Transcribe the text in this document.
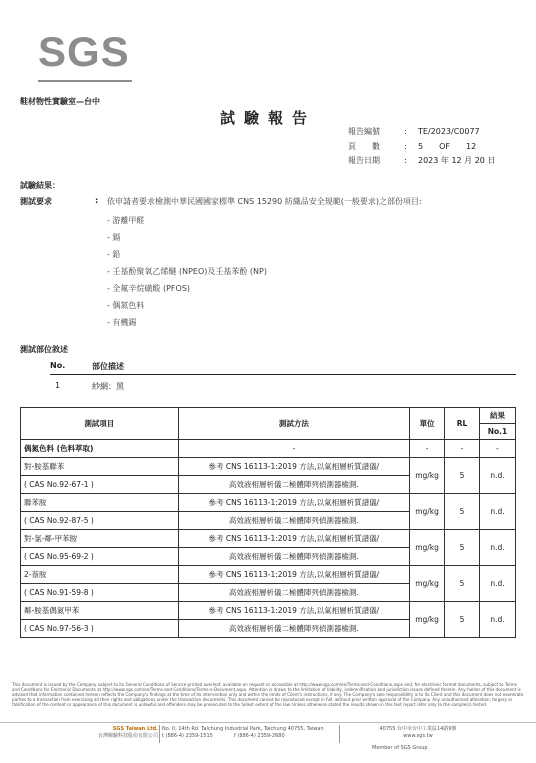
SGS
鞋材物性實驗室—台中
試驗報告
報告編號	:	TE/2023/C0077
頁　　數	:	5　　OF　　12
報告日期	:	2023 年 12 月 20 日
試驗結果：
測試要求	: 依申請者要求檢測中華民國國家標準 CNS 15290 紡織品安全規範(一般要求)之部份項目:
- 游離甲醛
- 鎘
- 鉛
- 壬基酚聚氧乙烯醚 (NPEO)及壬基苯酚 (NP)
- 全氟辛烷磺酸 (PFOS)
- 偶氮色料
- 有機錫
測試部位敘述
No.	部位描述
1	紗網：黑
測試項目	測試方法	單位	RL	結果
				No.1
偶氮色料 (色料萃取)	-	-	-	-
對-胺基聯苯	參考 CNS 16113-1:2019 方法,以氣相層析質譜儀/	mg/kg	5	n.d.
( CAS No.92-67-1 )	高效液相層析儀二極體陣列偵測器檢測.			
聯苯胺	參考 CNS 16113-1:2019 方法,以氣相層析質譜儀/	mg/kg	5	n.d.
( CAS No.92-87-5 )	高效液相層析儀二極體陣列偵測器檢測.			
對-氯-鄰-甲苯胺	參考 CNS 16113-1:2019 方法,以氣相層析質譜儀/	mg/kg	5	n.d.
( CAS No.95-69-2 )	高效液相層析儀二極體陣列偵測器檢測.			
2-萘胺	參考 CNS 16113-1:2019 方法,以氣相層析質譜儀/	mg/kg	5	n.d.
( CAS No.91-59-8 )	高效液相層析儀二極體陣列偵測器檢測.			
鄰-胺基偶氮甲苯	參考 CNS 16113-1:2019 方法,以氣相層析質譜儀/	mg/kg	5	n.d.
( CAS No.97-56-3 )	高效液相層析儀二極體陣列偵測器檢測.			
This document is issued by the Company subject to its General Conditions of Service printed overleaf, available on request or accessible at http://www.sgs.com/en/Terms-and-Conditions.aspx and, for electronic format documents, subject to Terms and Conditions for Electronic Documents at http://www.sgs.com/en/Terms-and-Conditions/Terms-e-Document.aspx. Attention is drawn to the limitation of liability, indemnification and jurisdiction issues defined therein. Any holder of this document is advised that information contained hereon reflects the Company's findings at the time of its intervention only and within the limits of Client's instructions, if any. The Company's sole responsibility is to its Client and this document does not exonerate parties to a transaction from exercising all their rights and obligations under the transaction documents. This document cannot be reproduced except in full, without prior written approval of the Company. Any unauthorized alteration, forgery or falsification of the content or appearance of this document is unlawful and offenders may be prosecuted to the fullest extent of the law. Unless otherwise stated the results shown in this test report refer only to the sample(s) tested.
SGS Taiwan Ltd.
台灣檢驗科技股份有限公司
No. 0, 14th Rd. Taichung Industrial Park, Taichung 40755, Taiwan
t (886-4) 2359-1515	f (886-4) 2359-2680
40755 台中市台中工業區14路9號
www.sgs.tw
Member of SGS Group
